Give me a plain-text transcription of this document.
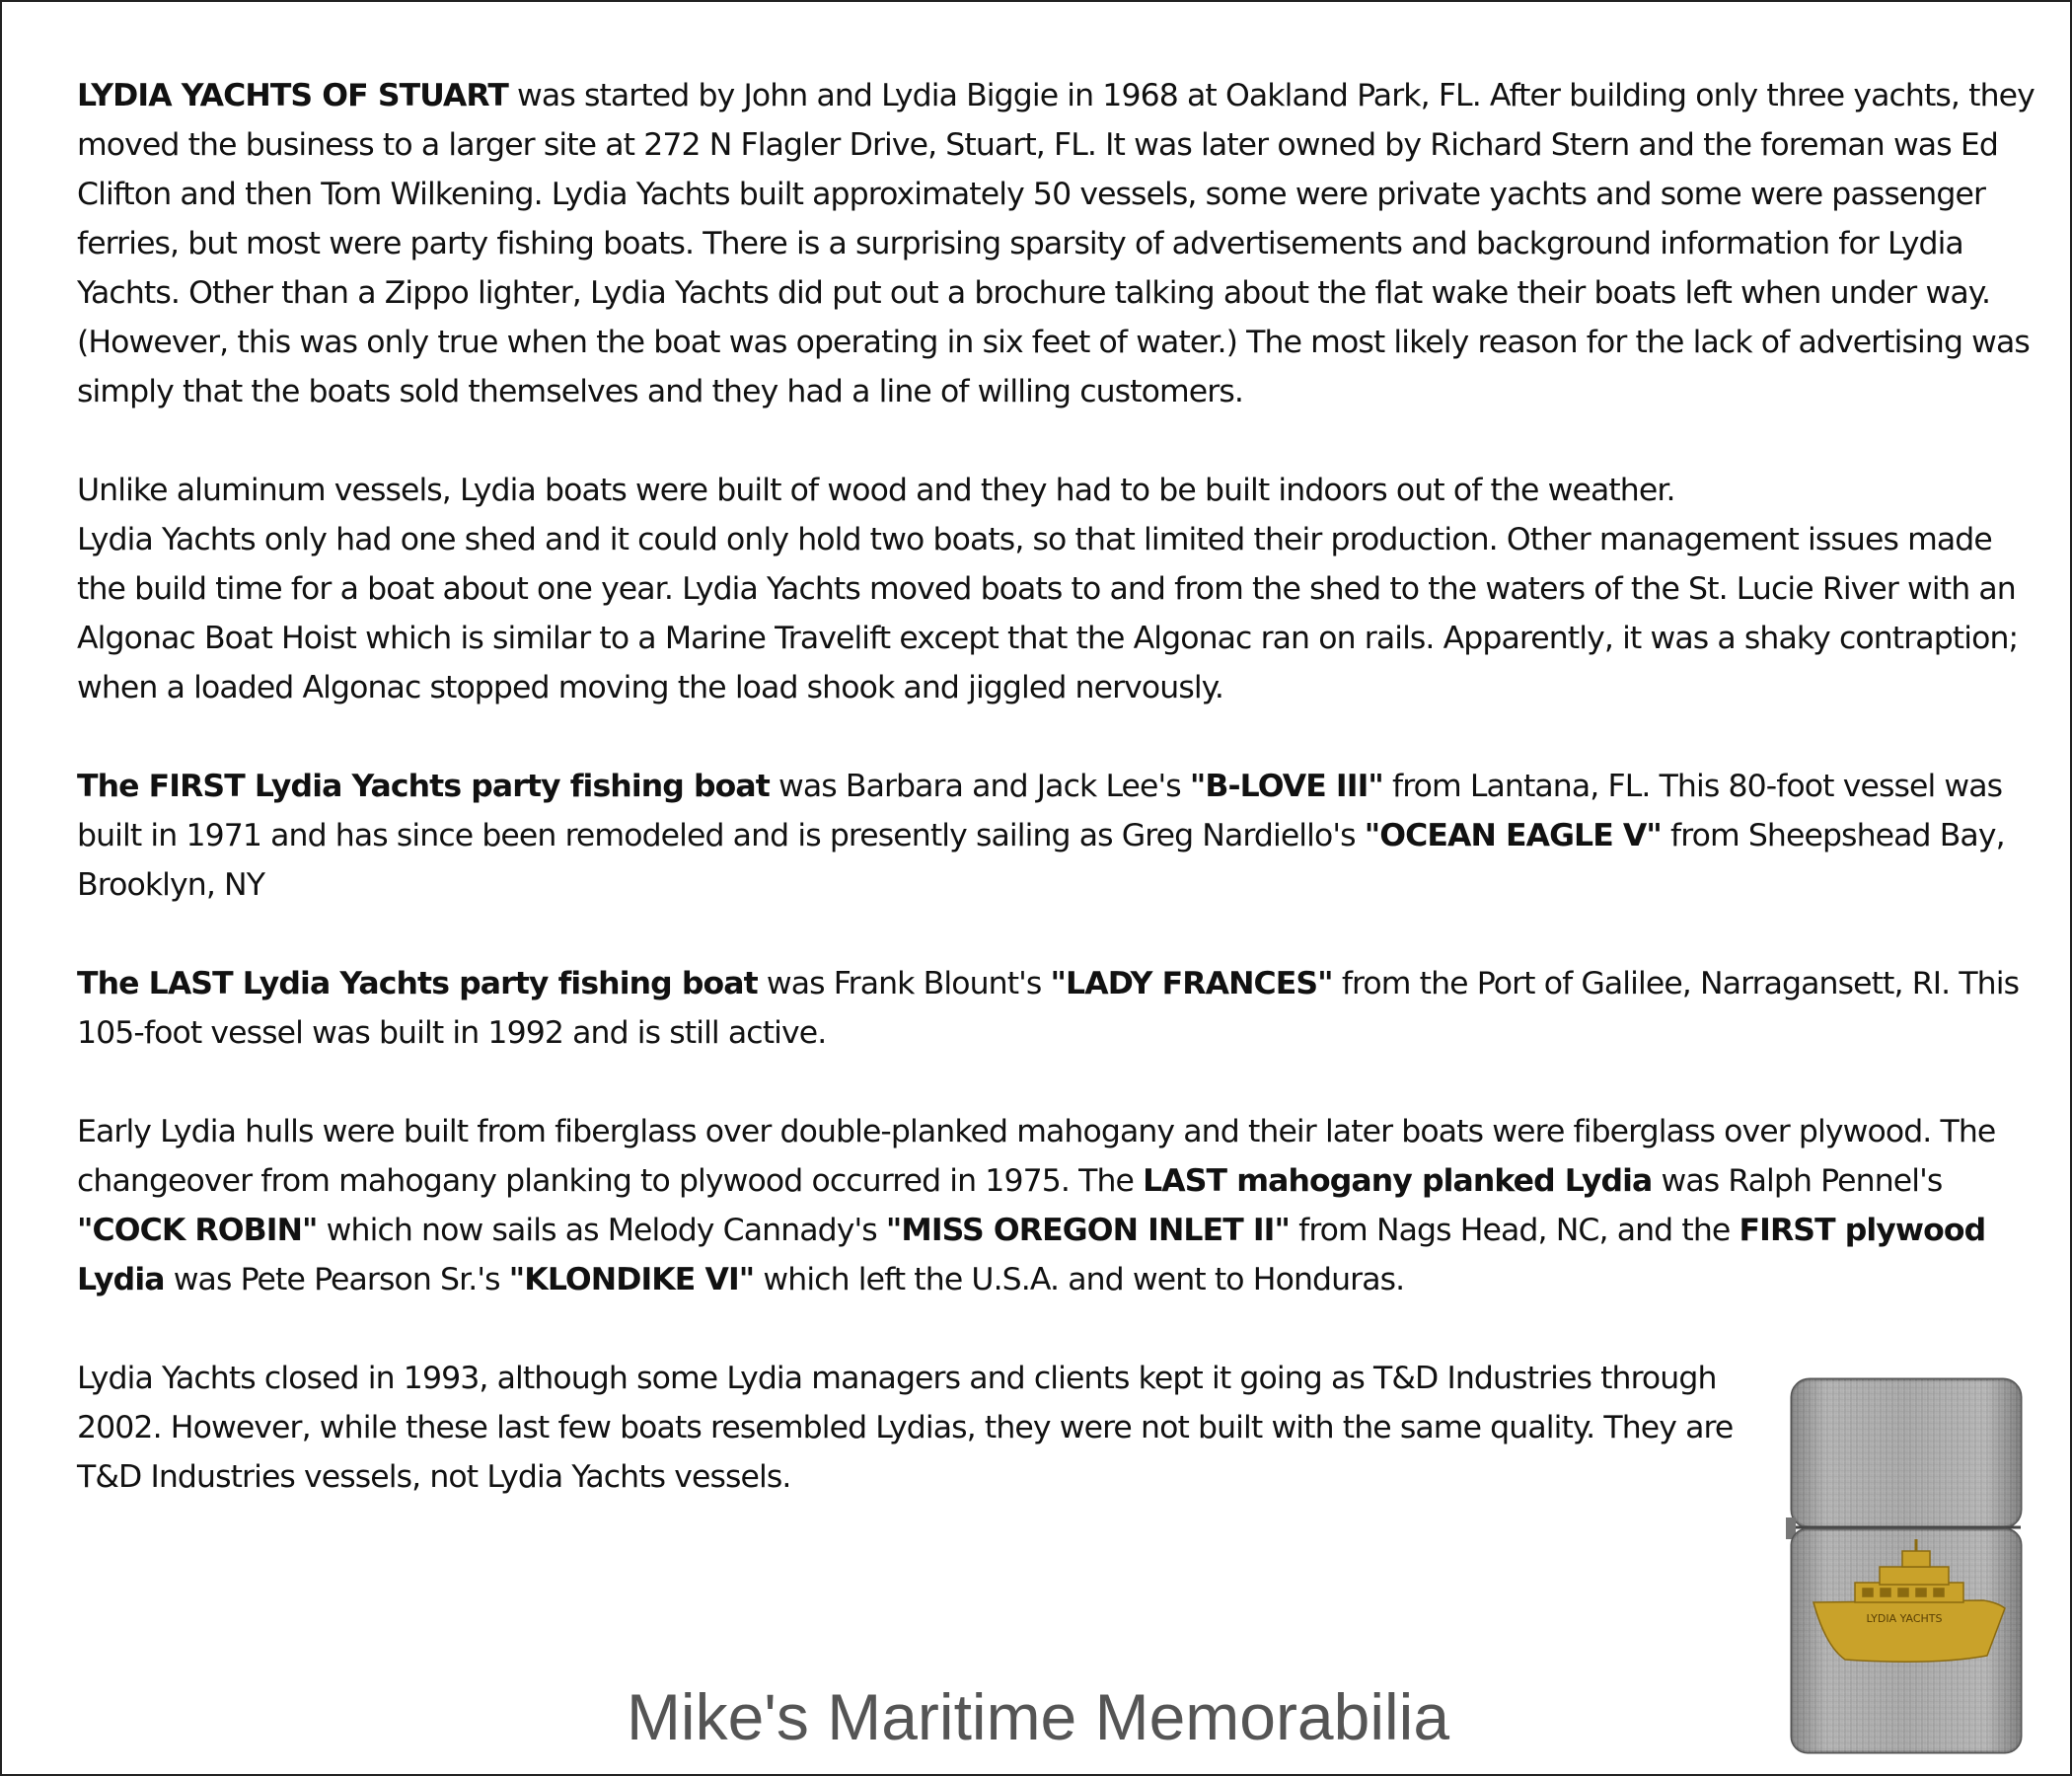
LYDIA YACHTS OF STUART was started by John and Lydia Biggie in 1968 at Oakland Park, FL. After building only three yachts, they moved the business to a larger site at 272 N Flagler Drive, Stuart, FL. It was later owned by Richard Stern and the foreman was Ed Clifton and then Tom Wilkening. Lydia Yachts built approximately 50 vessels, some were private yachts and some were passenger ferries, but most were party fishing boats. There is a surprising sparsity of advertisements and background information for Lydia Yachts. Other than a Zippo lighter, Lydia Yachts did put out a brochure talking about the flat wake their boats left when under way. (However, this was only true when the boat was operating in six feet of water.) The most likely reason for the lack of advertising was simply that the boats sold themselves and they had a line of willing customers.

Unlike aluminum vessels, Lydia boats were built of wood and they had to be built indoors out of the weather.
Lydia Yachts only had one shed and it could only hold two boats, so that limited their production. Other management issues made the build time for a boat about one year. Lydia Yachts moved boats to and from the shed to the waters of the St. Lucie River with an Algonac Boat Hoist which is similar to a Marine Travelift except that the Algonac ran on rails. Apparently, it was a shaky contraption; when a loaded Algonac stopped moving the load shook and jiggled nervously.

The FIRST Lydia Yachts party fishing boat was Barbara and Jack Lee's "B-LOVE III" from Lantana, FL. This 80-foot vessel was built in 1971 and has since been remodeled and is presently sailing as Greg Nardiello's "OCEAN EAGLE V" from Sheepshead Bay, Brooklyn, NY

The LAST Lydia Yachts party fishing boat was Frank Blount's "LADY FRANCES" from the Port of Galilee, Narragansett, RI. This 105-foot vessel was built in 1992 and is still active.

Early Lydia hulls were built from fiberglass over double-planked mahogany and their later boats were fiberglass over plywood. The changeover from mahogany planking to plywood occurred in 1975. The LAST mahogany planked Lydia was Ralph Pennel's "COCK ROBIN" which now sails as Melody Cannady's "MISS OREGON INLET II" from Nags Head, NC, and the FIRST plywood Lydia was Pete Pearson Sr.'s "KLONDIKE VI" which left the U.S.A. and went to Honduras.

Lydia Yachts closed in 1993, although some Lydia managers and clients kept it going as T&D Industries through 2002. However, while these last few boats resembled Lydias, they were not built with the same quality. They are T&D Industries vessels, not Lydia Yachts vessels.

LYDIA YACHTS
Mike's Maritime Memorabilia
